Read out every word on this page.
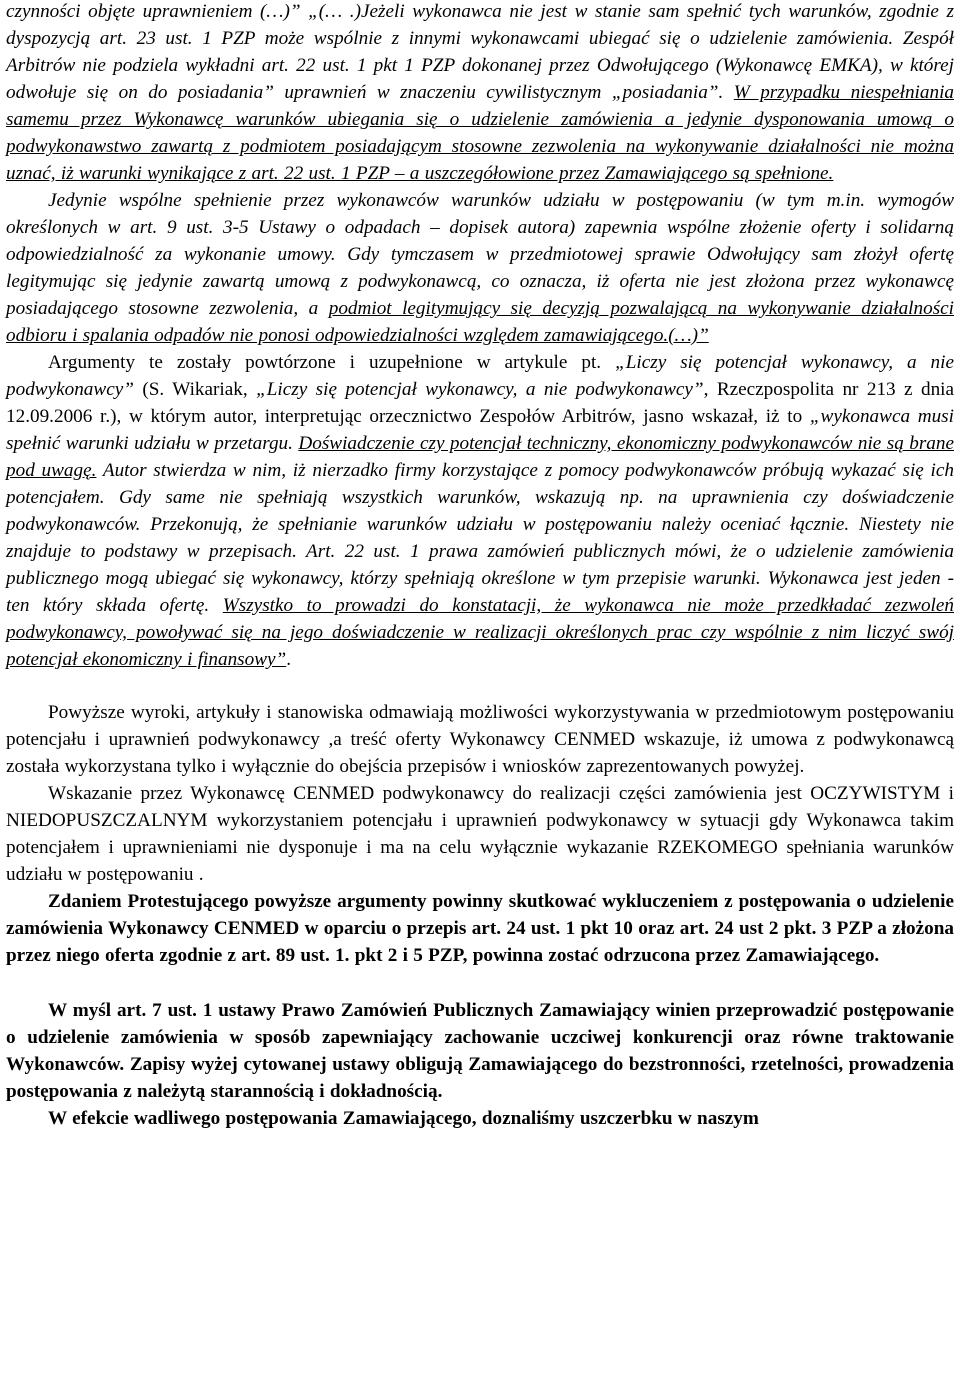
czynności objęte uprawnieniem (…)” „(… .)Jeżeli wykonawca nie jest w stanie sam spełnić tych warunków, zgodnie z dyspozycją art. 23 ust. 1 PZP może wspólnie z innymi wykonawcami ubiegać się o udzielenie zamówienia. Zespół Arbitrów nie podziela wykładni art. 22 ust. 1 pkt 1 PZP dokonanej przez Odwołującego (Wykonawcę EMKA), w której odwołuje się on do posiadania” uprawnień w znaczeniu cywilistycznym „posiadania”. W przypadku niespełniania samemu przez Wykonawcę warunków ubiegania się o udzielenie zamówienia a jedynie dysponowania umową o podwykonawstwo zawartą z podmiotem posiadającym stosowne zezwolenia na wykonywanie działalności nie można uznać, iż warunki wynikające z art. 22 ust. 1 PZP – a uszczegółowione przez Zamawiającego są spełnione.

Jedynie wspólne spełnienie przez wykonawców warunków udziału w postępowaniu (w tym m.in. wymogów określonych w art. 9 ust. 3-5 Ustawy o odpadach – dopisek autora) zapewnia wspólne złożenie oferty i solidarną odpowiedzialność za wykonanie umowy. Gdy tymczasem w przedmiotowej sprawie Odwołujący sam złożył ofertę legitymując się jedynie zawartą umową z podwykonawcą, co oznacza, iż oferta nie jest złożona przez wykonawcę posiadającego stosowne zezwolenia, a podmiot legitymujący się decyzją pozwalającą na wykonywanie działalności odbioru i spalania odpadów nie ponosi odpowiedzialności względem zamawiającego.(…)”

Argumenty te zostały powtórzone i uzupełnione w artykule pt. „Liczy się potencjał wykonawcy, a nie podwykonawcy” (S. Wikariak, „Liczy się potencjał wykonawcy, a nie podwykonawcy”, Rzeczpospolita nr 213 z dnia 12.09.2006 r.), w którym autor, interpretując orzecznictwo Zespołów Arbitrów, jasno wskazał, iż to „wykonawca musi spełnić warunki udziału w przetargu. Doświadczenie czy potencjał techniczny, ekonomiczny podwykonawców nie są brane pod uwagę. Autor stwierdza w nim, iż nierzadko firmy korzystające z pomocy podwykonawców próbują wykazać się ich potencjałem. Gdy same nie spełniają wszystkich warunków, wskazują np. na uprawnienia czy doświadczenie podwykonawców. Przekonują, że spełnianie warunków udziału w postępowaniu należy oceniać łącznie. Niestety nie znajduje to podstawy w przepisach. Art. 22 ust. 1 prawa zamówień publicznych mówi, że o udzielenie zamówienia publicznego mogą ubiegać się wykonawcy, którzy spełniają określone w tym przepisie warunki. Wykonawca jest jeden - ten który składa ofertę. Wszystko to prowadzi do konstatacji, że wykonawca nie może przedkładać zezwoleń podwykonawcy, powoływać się na jego doświadczenie w realizacji określonych prac czy wspólnie z nim liczyć swój potencjał ekonomiczny i finansowy”.

Powyższe wyroki, artykuły i stanowiska odmawiają możliwości wykorzystywania w przedmiotowym postępowaniu potencjału i uprawnień podwykonawcy ,a treść oferty Wykonawcy CENMED wskazuje, iż umowa z podwykonawcą została wykorzystana tylko i wyłącznie do obejścia przepisów i wniosków zaprezentowanych powyżej.

Wskazanie przez Wykonawcę CENMED podwykonawcy do realizacji części zamówienia jest OCZYWISTYM i NIEDOPUSZCZALNYM wykorzystaniem potencjału i uprawnień podwykonawcy w sytuacji gdy Wykonawca takim potencjałem i uprawnieniami nie dysponuje i ma na celu wyłącznie wykazanie RZEKOMEGO spełniania warunków udziału w postępowaniu .

Zdaniem Protestującego powyższe argumenty powinny skutkować wykluczeniem z postępowania o udzielenie zamówienia Wykonawcy CENMED w oparciu o przepis art. 24 ust. 1 pkt 10 oraz art. 24 ust 2 pkt. 3 PZP a złożona przez niego oferta zgodnie z art. 89 ust. 1. pkt 2 i 5 PZP, powinna zostać odrzucona przez Zamawiającego.

W myśl art. 7 ust. 1 ustawy Prawo Zamówień Publicznych Zamawiający winien przeprowadzić postępowanie o udzielenie zamówienia w sposób zapewniający zachowanie uczciwej konkurencji oraz równe traktowanie Wykonawców. Zapisy wyżej cytowanej ustawy obligują Zamawiającego do bezstronności, rzetelności, prowadzenia postępowania z należytą starannością i dokładnością.

W efekcie wadliwego postępowania Zamawiającego, doznaliśmy uszczerbku w naszym
